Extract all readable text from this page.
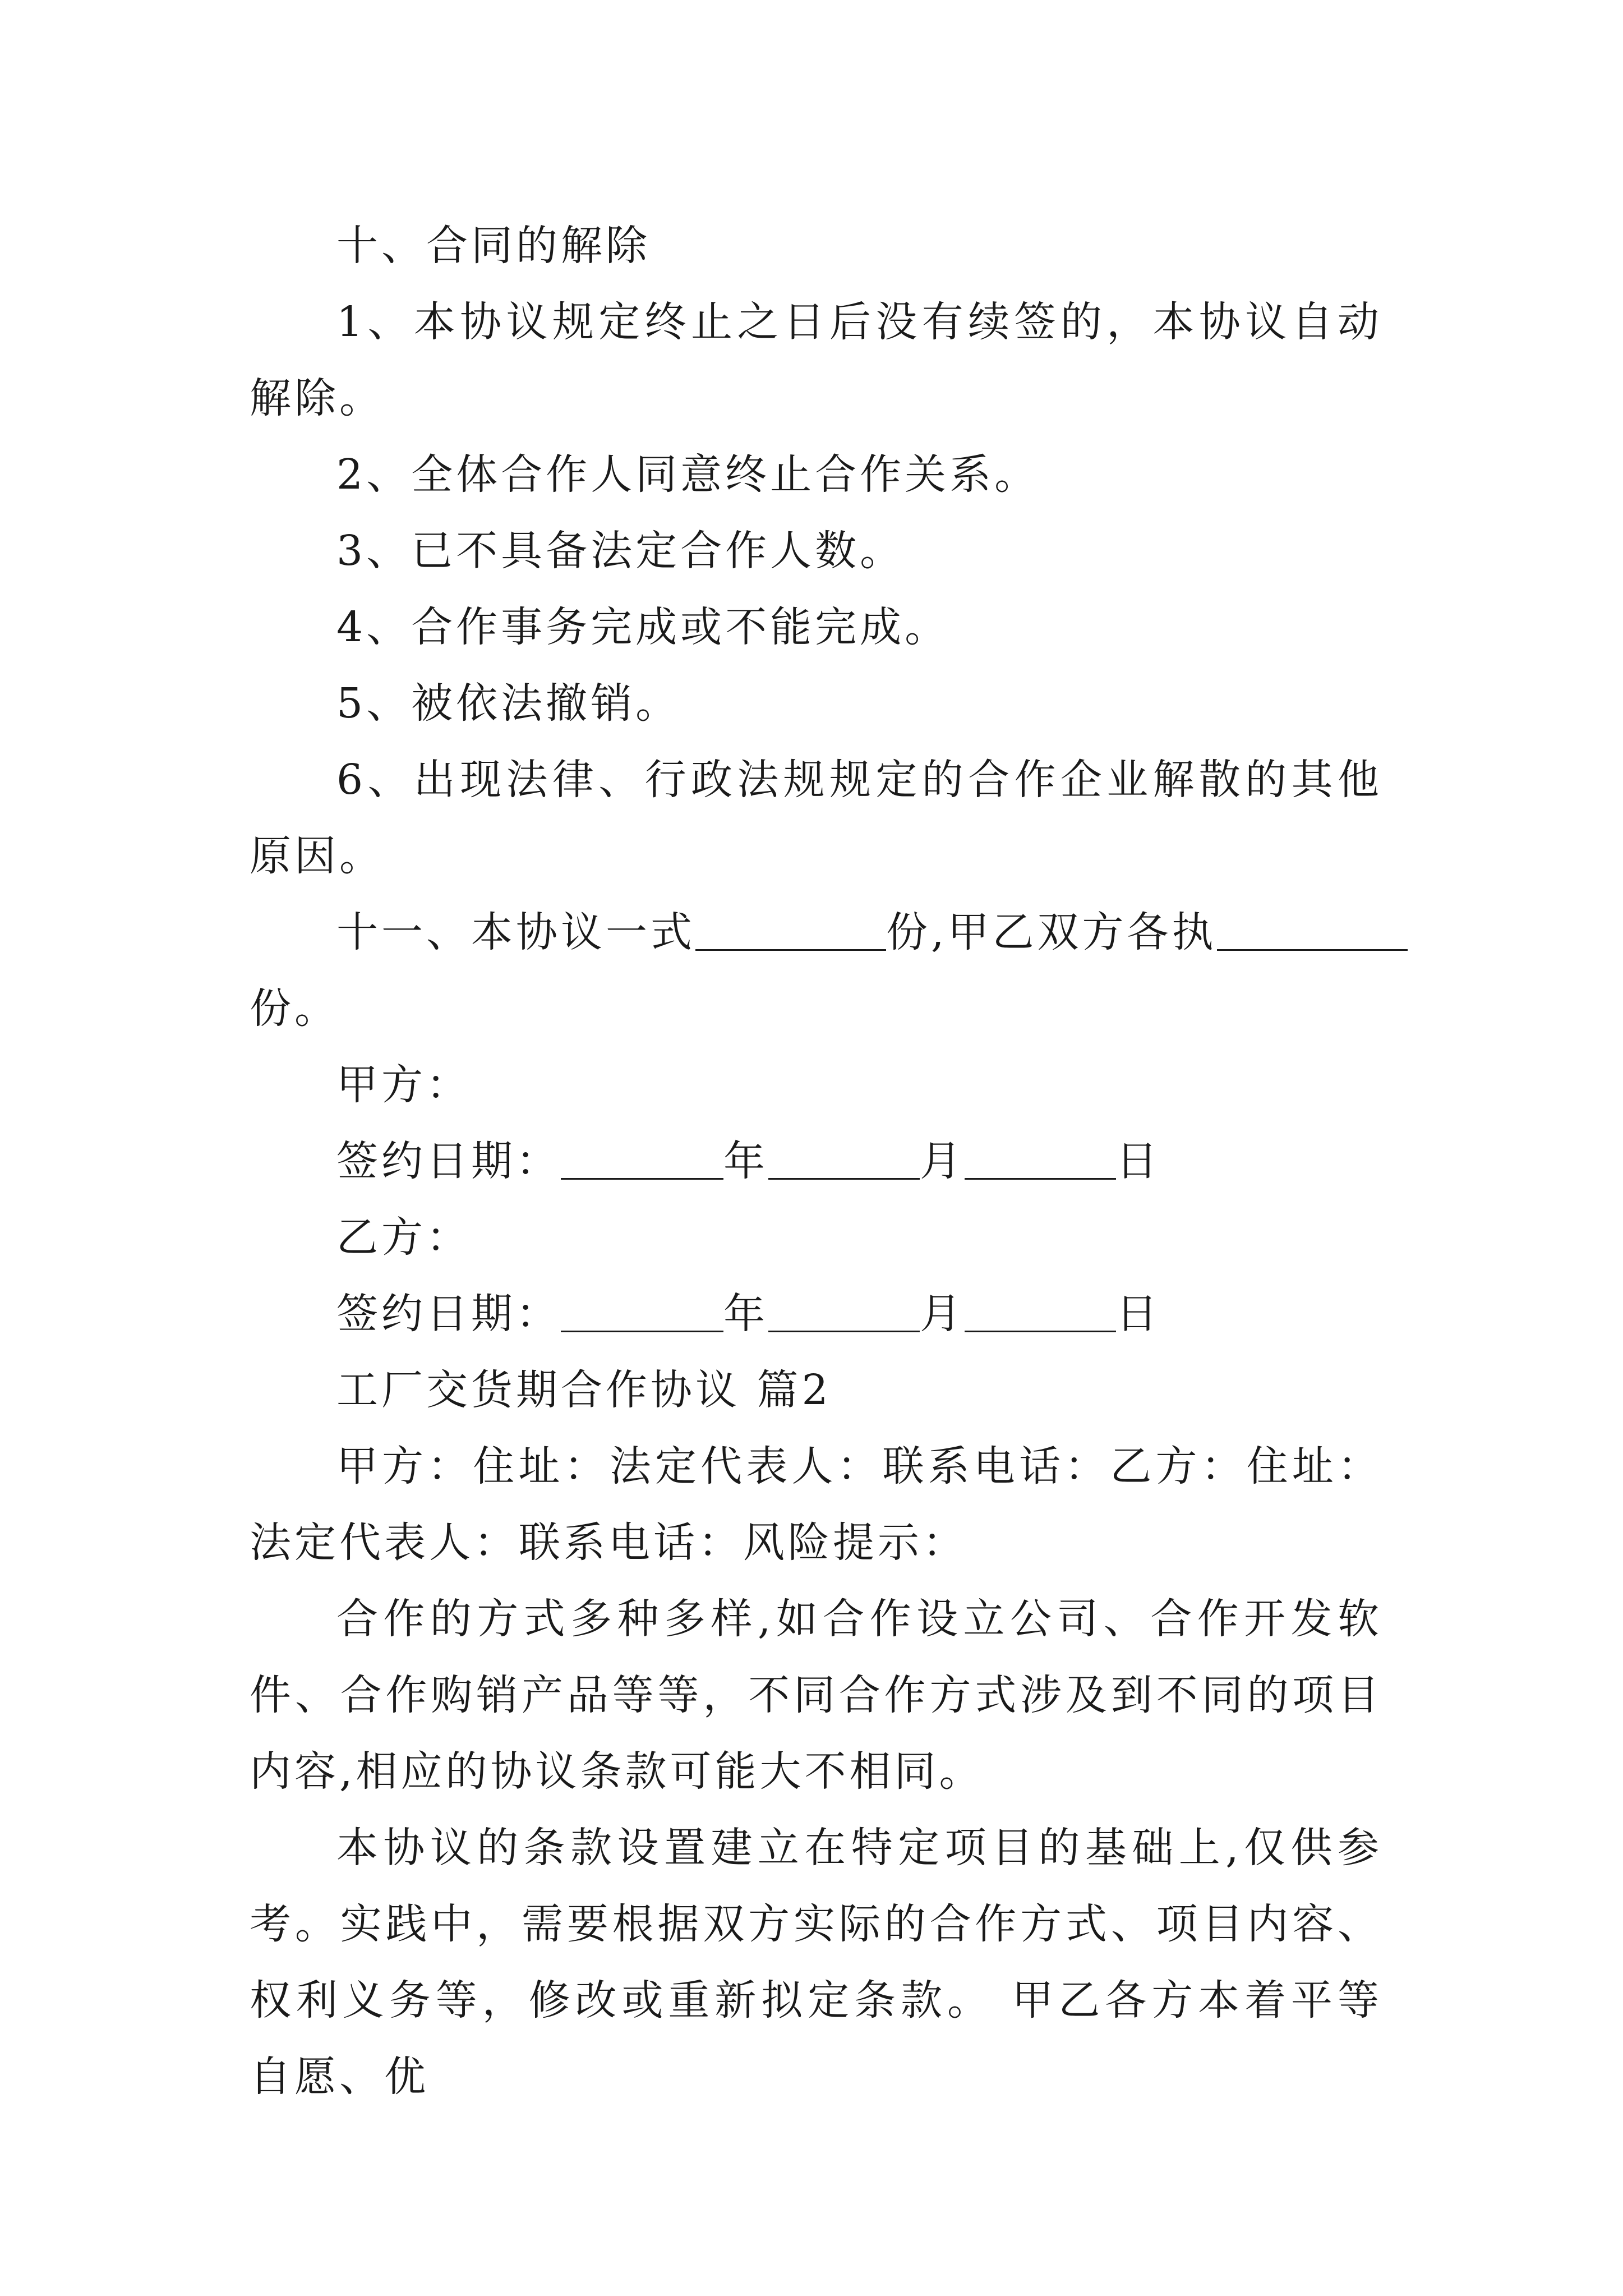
十、合同的解除
1、本协议规定终止之日后没有续签的，本协议自动解除。
2、全体合作人同意终止合作关系。
3、已不具备法定合作人数。
4、合作事务完成或不能完成。
5、被依法撤销。
6、出现法律、行政法规规定的合作企业解散的其他原因。
十一、本协议一式	份,甲乙双方各执
份。
甲方：
签约日期：	年	月	日
乙方：
签约日期：	年	月	日
工厂交货期合作协议 篇2
甲方：住址：法定代表人：联系电话：乙方：住址：法定代表人：联系电话：风险提示：
合作的方式多种多样,如合作设立公司、合作开发软件、合作购销产品等等，不同合作方式涉及到不同的项目内容,相应的协议条款可能大不相同。
本协议的条款设置建立在特定项目的基础上,仅供参考。实践中，需要根据双方实际的合作方式、项目内容、权利义务等，修改或重新拟定条款。 甲乙各方本着平等自愿、优
